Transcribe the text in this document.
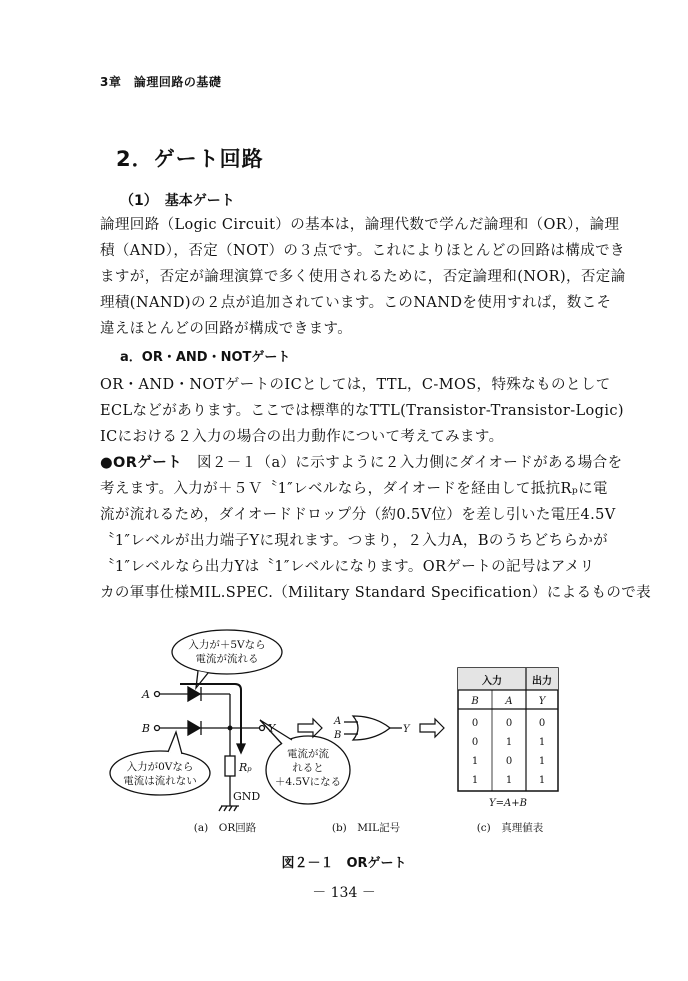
3章　論理回路の基礎
2．ゲート回路
（1）　基本ゲート
論理回路（Logic Circuit）の基本は，論理代数で学んだ論理和（OR），論理
積（AND），否定（NOT）の３点です。これによりほとんどの回路は構成でき
ますが，否定が論理演算で多く使用されるために，否定論理和(NOR)，否定論
理積(NAND)の２点が追加されています。このNANDを使用すれば，数こそ
違えほとんどの回路が構成できます。
a．OR・AND・NOTゲート
OR・AND・NOTゲートのICとしては，TTL，C-MOS，特殊なものとして
ECLなどがあります。ここでは標準的なTTL(Transistor-Transistor-Logic)
ICにおける２入力の場合の出力動作について考えてみます。
●ORゲート　図２－１（a）に示すように２入力側にダイオードがある場合を
考えます。入力が＋５Ｖ〝1″レベルなら，ダイオードを経由して抵抗Rₚに電
流が流れるため，ダイオードドロップ分（約0.5V位）を差し引いた電圧4.5V
〝1″レベルが出力端子Yに現れます。つまり，２入力A，Bのうちどちらかが
〝1″レベルなら出力Yは〝1″レベルになります。ORゲートの記号はアメリ
カの軍事仕様MIL.SPEC.（Military Standard Specification）によるもので表
入力が＋5Vなら
電流が流れる
入力が0Vなら
電流は流れない
電流が流
れると
＋4.5Vになる
A
B	Y
Rₚ
GND
A
B
Y
入力	出力
B	A	Y
0	0	0
0	1	1
1	0	1
1	1	1
Y=A+B
(a)　OR回路	(b)　MIL記号	(c)　真理値表
図２－１　ORゲート
－ 134 －
